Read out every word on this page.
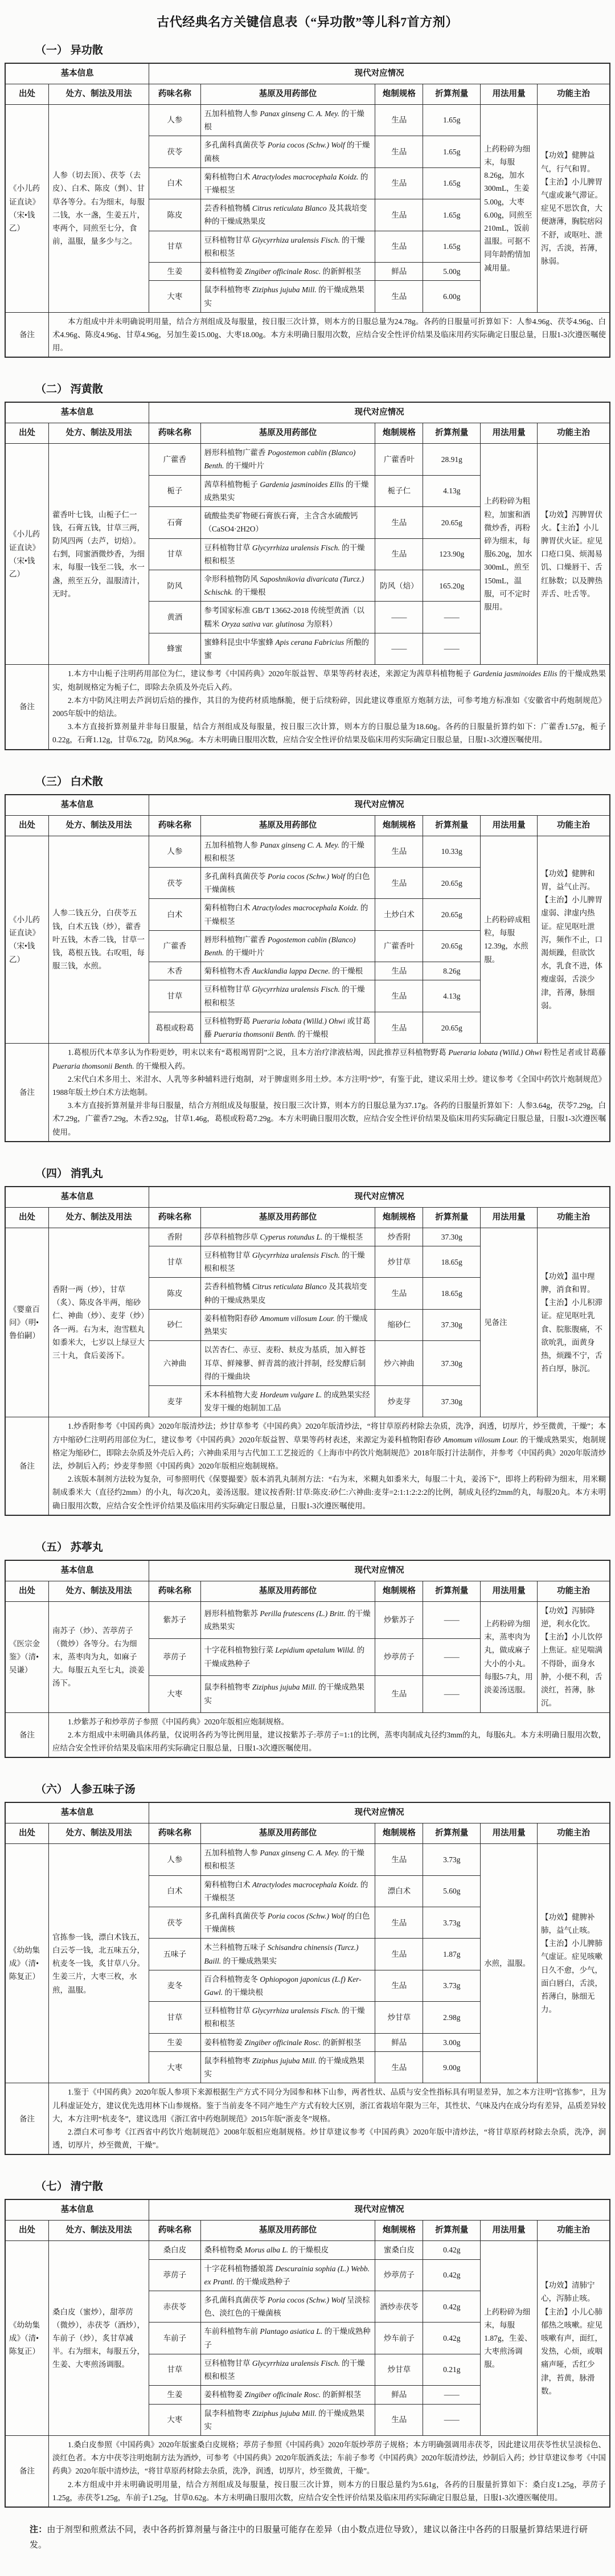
古代经典名方关键信息表（“异功散”等儿科7首方剂）
（一） 异功散
基本信息		现代对应情况					
出处	处方、制法及用法	药味名称	基原及用药部位	炮制规格	折算剂量	用法用量	功能主治
《小儿药证直诀》（宋•钱乙）	人参（切去顶）、茯苓（去皮）、白术、陈皮（剉）、甘草各等分。右为细末，每服二钱，水一盏，生姜五片，枣两个，同煎至七分，食前，温服，量多少与之。	人参	五加科植物人参 Panax ginseng C. A. Mey. 的干燥根	生品	1.65g	上药粉碎为细末，每服8.26g，加水300mL，生姜5.00g，大枣6.00g，同煎至210mL，饭前温服。可据不同年龄酌情加减用量。	【功效】健脾益气，行气和胃。【主治】小儿脾胃气虚或兼气滞证。症见不思饮食，大便溏薄，胸脘痞闷不舒，或呕吐、泄泻，舌淡，苔薄，脉弱。
		茯苓	多孔菌科真菌茯苓 Poria cocos (Schw.) Wolf 的干燥菌核	生品	1.65g		
		白术	菊科植物白术 Atractylodes macrocephala Koidz. 的干燥根茎	生品	1.65g		
		陈皮	芸香科植物橘 Citrus reticulata Blanco 及其栽培变种的干燥成熟果皮	生品	1.65g		
		甘草	豆科植物甘草 Glycyrrhiza uralensis Fisch. 的干燥根和根茎	生品	1.65g		
		生姜	姜科植物姜 Zingiber officinale Rosc. 的新鲜根茎	鲜品	5.00g		
		大枣	鼠李科植物枣 Ziziphus jujuba Mill. 的干燥成熟果实	生品	6.00g		
备注	本方组成中并未明确说明用量，结合方剂组成及每服量，按日服三次计算，则本方的日服总量为24.78g。各药的日服量可折算如下：人参4.96g、茯苓4.96g、白术4.96g、陈皮4.96g、甘草4.96g，另加生姜15.00g、大枣18.00g。本方未明确日服用次数，应结合安全性评价结果及临床用药实际确定日服总量，日服1-3次遵医嘱使用。						

（二） 泻黄散
基本信息		现代对应情况					
出处	处方、制法及用法	药味名称	基原及用药部位	炮制规格	折算剂量	用法用量	功能主治
《小儿药证直诀》（宋•钱乙）	藿香叶七钱，山栀子仁一钱，石膏五钱，甘草三两，防风四两（去芦，切焙）。右剉，同蜜酒微炒香，为细末，每服一钱至二钱，水一盏，煎至五分，温服清汁，无时。	广藿香	唇形科植物广藿香 Pogostemon cablin (Blanco) Benth. 的干燥叶片	广藿香叶	28.91g	上药粉碎为粗粒，加蜜和酒微炒香，再粉碎为细末，每服6.20g，加水300mL，煎至150mL，温服，可不定时服用。	【功效】泻脾胃伏火。【主治】小儿脾胃伏火证。症见口疮口臭、烦渴易饥、口燥唇干、舌红脉数；以及脾热弄舌、吐舌等。
		栀子	茜草科植物栀子 Gardenia jasminoides Ellis 的干燥成熟果实	栀子仁	4.13g		
		石膏	硫酸盐类矿物硬石膏族石膏，主含含水硫酸钙（CaSO4·2H2O）	生品	20.65g		
		甘草	豆科植物甘草 Glycyrrhiza uralensis Fisch. 的干燥根和根茎	生品	123.90g		
		防风	伞形科植物防风 Saposhnikovia divaricata (Turcz.) Schischk. 的干燥根	防风（焙）	165.20g		
		黄酒	参考国家标准 GB/T 13662-2018 传统型黄酒（以糯米 Oryza sativa var. glutinosa 为原料）	——	——		
		蜂蜜	蜜蜂科昆虫中华蜜蜂 Apis cerana Fabricius 所酿的蜜	——	——		
备注	1.本方中山栀子注明药用部位为仁，建议参考《中国药典》2020年版益智、草果等药材表述，来源定为茜草科植物栀子 Gardenia jasminoides Ellis 的干燥成熟果实，炮制规格定为栀子仁，即除去杂质及外壳后入药。

2.本方中防风注明去芦润切后焙的操作，其目的为使药材质地酥脆，便于后续粉碎，因此建议尊重原方炮制方法，可参考地方标准如《安徽省中药炮制规范》2005年版中的焙法。

3.本方直接折算剂量并非每日服量，结合方剂组成及每服量，按日服三次计算，则本方的日服总量为18.60g。各药的日服量折算约如下：广藿香1.57g，栀子0.22g，石膏1.12g，甘草6.72g，防风8.96g。本方未明确日服用次数，应结合安全性评价结果及临床用药实际确定日服总量，日服1-3次遵医嘱使用。						

（三） 白术散
基本信息		现代对应情况					
出处	处方、制法及用法	药味名称	基原及用药部位	炮制规格	折算剂量	用法用量	功能主治
《小儿药证直诀》（宋•钱乙）	人参二钱五分，白茯苓五钱，白术五钱（炒），藿香叶五钱，木香二钱，甘草一钱，葛根五钱。右㕮咀，每服三钱，水煎。	人参	五加科植物人参 Panax ginseng C. A. Mey. 的干燥根和根茎	生品	10.33g	上药粉碎成粗粒，每服12.39g，水煎服。	【功效】健脾和胃，益气止泻。【主治】小儿脾胃虚弱、津虚内热证。症见呕吐泄泻，频作不止，口渴烦躁，但欲饮水，乳食不进，体瘦虚弱，舌淡少津，苔薄，脉细弱。
		茯苓	多孔菌科真菌茯苓 Poria cocos (Schw.) Wolf 的白色干燥菌核	生品	20.65g		
		白术	菊科植物白术 Atractylodes macrocephala Koidz. 的干燥根茎	土炒白术	20.65g		
		广藿香	唇形科植物广藿香 Pogostemon cablin (Blanco) Benth. 的干燥叶片	广藿香叶	20.65g		
		木香	菊科植物木香 Aucklandia lappa Decne. 的干燥根	生品	8.26g		
		甘草	豆科植物甘草 Glycyrrhiza uralensis Fisch. 的干燥根和根茎	生品	4.13g		
		葛根或粉葛	豆科植物野葛 Pueraria lobata (Willd.) Ohwi 或甘葛藤 Pueraria thomsonii Benth. 的干燥根	生品	20.65g		
备注	1.葛根历代本草多认为作粉更妙，明末以来有“葛根竭胃阴”之说，且本方治疗津液枯竭，因此推荐豆科植物野葛 Pueraria lobata (Willd.) Ohwi 粉性足者或甘葛藤 Pueraria thomsonii Benth. 的干燥根入药。

2.宋代白术多用土、米泔水、人乳等多种辅料进行炮制，对于脾虚则多用土炒。本方注明“炒”，有鉴于此，建议采用土炒。建议参考《全国中药饮片炮制规范》1988年版土炒白术方法炮制。

3.本方直接折算剂量并非每日服量，结合方剂组成及每服量，按日服三次计算，则本方的日服总量为37.17g。各药的日服量折算如下：人参3.64g，茯苓7.29g，白术7.29g，广藿香7.29g，木香2.92g，甘草1.46g，葛根或粉葛7.29g。本方未明确日服用次数，应结合安全性评价结果及临床用药实际确定日服总量，日服1-3次遵医嘱使用。						

（四） 消乳丸
基本信息		现代对应情况					
出处	处方、制法及用法	药味名称	基原及用药部位	炮制规格	折算剂量	用法用量	功能主治
《婴童百问》（明•鲁伯嗣）	香附一两（炒），甘草（炙）、陈皮各半两，缩砂仁、神曲（炒）、麦芽（炒）各一两。右为末，泡雪糕丸如黍米大，七岁以上绿豆大三十丸，食后姜汤下。	香附	莎草科植物莎草 Cyperus rotundus L. 的干燥根茎	炒香附	37.30g	见备注	【功效】温中理脾，消食和胃。【主治】小儿积滞证。症见呕吐乳食、脘胀腹痛，不欲吮乳，面黄身热，烦躁不宁，舌苔白厚，脉沉。
		甘草	豆科植物甘草 Glycyrrhiza uralensis Fisch. 的干燥根和根茎	炒甘草	18.65g		
		陈皮	芸香科植物橘 Citrus reticulata Blanco 及其栽培变种的干燥成熟果皮	生品	18.65g		
		砂仁	姜科植物阳春砂 Amomum villosum Lour. 的干燥成熟果实	缩砂仁	37.30g		
		六神曲	以苦杏仁、赤豆、麦粉、麸皮为基质，加入鲜苍耳草、鲜辣蓼、鲜青蒿的液汁拌制，经发酵后制得的干燥曲块	炒六神曲	37.30g		
		麦芽	禾本科植物大麦 Hordeum vulgare L. 的成熟果实经发芽干燥的炮制加工品	炒麦芽	37.30g		
备注	1.炒香附参考《中国药典》2020年版清炒法；炒甘草参考《中国药典》2020年版清炒法，“将甘草原药材除去杂质，洗净，润透，切厚片，炒至微黄，干燥”；本方中缩砂仁注明药用部位为仁，建议参考《中国药典》2020年版益智、草果等药材表述，来源定为姜科植物阳春砂 Amomum villosum Lour. 的干燥成熟果实，炮制规格定为缩砂仁，即除去杂质及外壳后入药；六神曲采用与古代加工工艺接近的《上海市中药饮片炮制规范》2018年版打汁法制作，并参考《中国药典》2020年版清炒法，炒制后入药；炒麦芽参照《中国药典》2020年版相应炮制规格。

2.该版本制剂方法较为复杂，可参照明代《保婴撮要》版本消乳丸制剂方法：“右为末，米糊丸如黍米大，每服二十丸，姜汤下”，即将上药粉碎为细末，用米糊制成黍米大（直径约2mm）的小丸，每次20丸，姜汤送服。建议按香附:甘草:陈皮:砂仁:六神曲:麦芽=2:1:1:2:2:2的比例，制成丸径约2mm的丸，每服20丸。本方未明确日服用次数，应结合安全性评价结果及临床用药实际确定日服总量，日服1-3次遵医嘱使用。						

（五） 苏葶丸
基本信息		现代对应情况					
出处	处方、制法及用法	药味名称	基原及用药部位	炮制规格	折算剂量	用法用量	功能主治
《医宗金鉴》（清•吴谦）	南苏子（炒）、苦葶苈子（微炒）各等分。右为细末，蒸枣肉为丸，如麻子大。每服五丸至七丸，淡姜汤下。	紫苏子	唇形科植物紫苏 Perilla frutescens (L.) Britt. 的干燥成熟果实	炒紫苏子	——	上药粉碎为细末，蒸枣肉为丸，做成麻子大小的小丸。每服5-7丸，用淡姜汤送服。	【功效】泻肺降逆，利水化饮。【主治】小儿饮停上焦证。症见喘满不得卧，面身水肿，小便不利，舌淡红，苔薄，脉沉。
		葶苈子	十字花科植物独行菜 Lepidium apetalum Willd. 的干燥成熟种子	炒葶苈子	——		
		大枣	鼠李科植物枣 Ziziphus jujuba Mill. 的干燥成熟果实	生品	——		
备注	1.炒紫苏子和炒葶苈子参照《中国药典》2020年版相应炮制规格。

2.本方组成中未明确具体药量，仅说明各药为等比例用量，建议按紫苏子:葶苈子=1:1的比例，蒸枣肉制成丸径约3mm的丸，每服6丸。本方未明确日服用次数，应结合安全性评价结果及临床用药实际确定日服总量，日服1-3次遵医嘱使用。						

（六） 人参五味子汤
基本信息		现代对应情况					
出处	处方、制法及用法	药味名称	基原及用药部位	炮制规格	折算剂量	用法用量	功能主治
《幼幼集成》（清•陈复正）	官拣参一钱，漂白术钱五，白云苓一钱，北五味五分，杭麦冬一钱，炙甘草八分。生姜三片，大枣三枚，水煎，温服。	人参	五加科植物人参 Panax ginseng C. A. Mey. 的干燥根和根茎	生品	3.73g	水煎，温服。	【功效】健脾补肺，益气止咳。【主治】小儿脾肺气虚证。症见咳嗽日久不愈，少气，面白唇白，舌淡，苔薄白，脉细无力。
		白术	菊科植物白术 Atractylodes macrocephala Koidz. 的干燥根茎	漂白术	5.60g		
		茯苓	多孔菌科真菌茯苓 Poria cocos (Schw.) Wolf 的白色干燥菌核	生品	3.73g		
		五味子	木兰科植物五味子 Schisandra chinensis (Turcz.) Baill. 的干燥成熟果实	生品	1.87g		
		麦冬	百合科植物麦冬 Ophiopogon japonicus (L.f) Ker-Gawl. 的干燥块根	生品	3.73g		
		甘草	豆科植物甘草 Glycyrrhiza uralensis Fisch. 的干燥根和根茎	炒甘草	2.98g		
		生姜	姜科植物姜 Zingiber officinale Rosc. 的新鲜根茎	鲜品	3.00g		
		大枣	鼠李科植物枣 Ziziphus jujuba Mill. 的干燥成熟果实	生品	9.00g		
备注	1.鉴于《中国药典》2020年版人参项下来源根据生产方式不同分为园参和林下山参，两者性状、品质与安全性指标具有明显差异，加之本方注明“官拣参”，且为儿科虚证处方，建议优先选用林下山参规格。鉴于当前麦冬不同产地生产方式有较大区别，浙江省栽培年限为三年，其性状、气味及内在成分均有差异，品质差异较大，本方注明“杭麦冬”，建议选用《浙江省中药炮制规范》2015年版“浙麦冬”规格。

2.漂白术可参考《江西省中药饮片炮制规范》2008年版相应炮制规格。炒甘草建议参考《中国药典》2020年版中清炒法，“将甘草原药材除去杂质，洗净，润透，切厚片，炒至微黄，干燥”。						

（七） 清宁散
基本信息		现代对应情况					
出处	处方、制法及用法	药味名称	基原及用药部位	炮制规格	折算剂量	用法用量	功能主治
《幼幼集成》（清•陈复正）	桑白皮（蜜炒），甜葶苈（微炒），赤茯苓（酒炒），车前子（炒），炙甘草减半。右为细末，每服五分，生姜、大枣煎汤调服。	桑白皮	桑科植物桑 Morus alba L. 的干燥根皮	蜜桑白皮	0.42g	上药粉碎为细末，每服1.87g，生姜、大枣煎汤调服。	【功效】清肺宁心，泻肺止咳。【主治】小儿心肺郁热之咳嗽。症见咳嗽有声，面红，发热，心烦，或咽痛声哑，舌红少津，苔黄，脉滑数。
		葶苈子	十字花科植物播娘蒿 Descurainia sophia (L.) Webb. ex Prantl. 的干燥成熟种子	炒葶苈子	0.42g		
		赤茯苓	多孔菌科真菌茯苓 Poria cocos (Schw.) Wolf 呈淡棕色、淡红色的干燥菌核	酒炒赤茯苓	0.42g		
		车前子	车前科植物车前 Plantago asiatica L. 的干燥成熟种子	炒车前子	0.42g		
		甘草	豆科植物甘草 Glycyrrhiza uralensis Fisch. 的干燥根和根茎	炒甘草	0.21g		
		生姜	姜科植物姜 Zingiber officinale Rosc. 的新鲜根茎	鲜品	——		
		大枣	鼠李科植物枣 Ziziphus jujuba Mill. 的干燥成熟果实	生品	——		
备注	1.桑白皮参照《中国药典》2020年版蜜桑白皮规格；葶苈子参照《中国药典》2020年版炒葶苈子规格；本方明确强调用赤茯苓，因此建议用茯苓性状呈淡棕色、淡红色者。本方中茯苓注明炮制方法为酒炒，可参考《中国药典》2020年版酒炙法；车前子参考《中国药典》2020年版清炒法，炒制后入药；炒甘草建议参考《中国药典》2020年版中清炒法，“将甘草原药材除去杂质，洗净，润透，切厚片，炒至微黄，干燥”。

2.本方组成中并未明确说明用量，结合方剂组成及每服量，按日服三次计算，则本方的日服总量约为5.61g，各药的日服量折算如下：桑白皮1.25g，葶苈子1.25g，赤茯苓1.25g，车前子1.25g，甘草0.62g。本方未明确日服用次数，应结合安全性评价结果及临床用药实际确定日服总量，日服1-3次遵医嘱使用。						

注：由于剂型和煎煮法不同，表中各药折算剂量与备注中的日服量可能存在差异（由小数点进位导致），建议以备注中各药的日服量折算结果进行研发。
